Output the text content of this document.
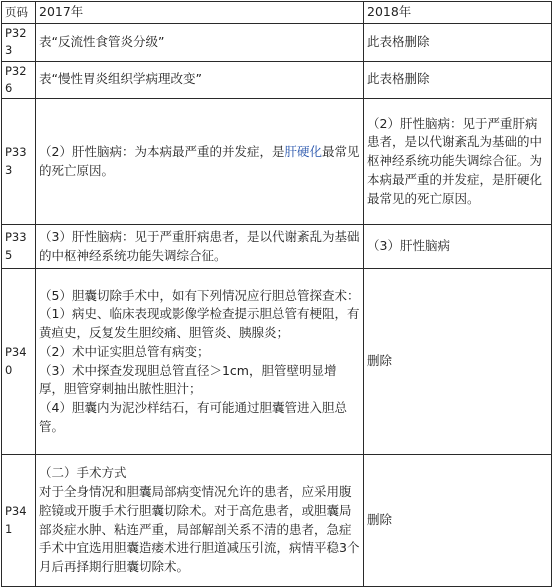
页码	2017年	2018年
P323	表“反流性食管炎分级”	此表格删除
P326	表“慢性胃炎组织学病理改变”	此表格删除
P333	（2）肝性脑病：为本病最严重的并发症，是肝硬化最常见的死亡原因。	（2）肝性脑病：见于严重肝病患者，是以代谢紊乱为基础的中枢神经系统功能失调综合征。为本病最严重的并发症，是肝硬化最常见的死亡原因。
P335	（3）肝性脑病：见于严重肝病患者，是以代谢紊乱为基础的中枢神经系统功能失调综合征。	（3）肝性脑病
P340	（5）胆囊切除手术中，如有下列情况应行胆总管探查术：
（1）病史、临床表现或影像学检查提示胆总管有梗阻，有黄疸史，反复发生胆绞痛、胆管炎、胰腺炎；
（2）术中证实胆总管有病变；
（3）术中探查发现胆总管直径＞1cm，胆管壁明显增厚，胆管穿刺抽出脓性胆汁；
（4）胆囊内为泥沙样结石，有可能通过胆囊管进入胆总管。	删除
P341	（二）手术方式
对于全身情况和胆囊局部病变情况允许的患者，应采用腹腔镜或开腹手术行胆囊切除术。对于高危患者，或胆囊局部炎症水肿、粘连严重，局部解剖关系不清的患者，急症手术中宜选用胆囊造瘘术进行胆道减压引流，病情平稳3个月后再择期行胆囊切除术。	删除
